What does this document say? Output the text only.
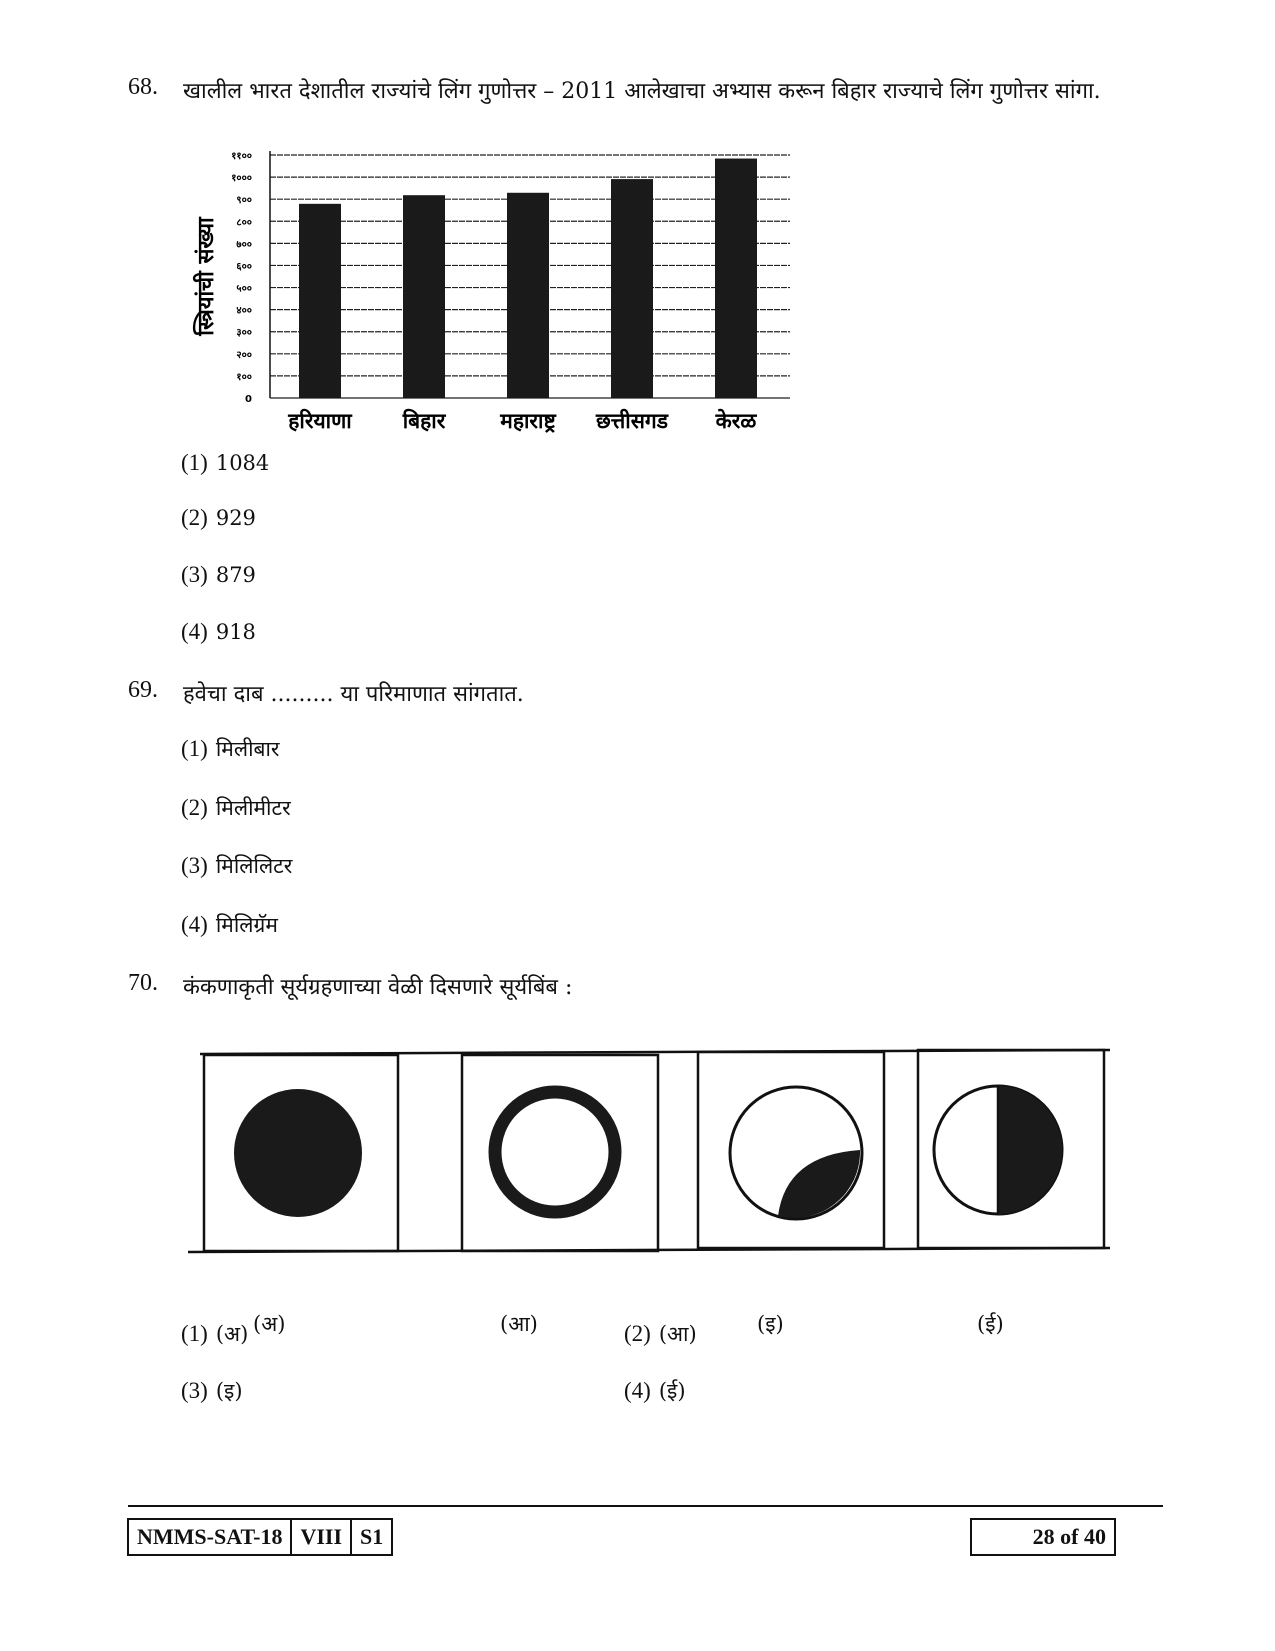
68. खालील भारत देशातील राज्यांचे लिंग गुणोत्तर – 2011 आलेखाचा अभ्यास करून बिहार राज्याचे लिंग गुणोत्तर सांगा.
0
१००
२००
३००
४००
५००
६००
७००
८००
९००
१०००
११००
स्त्रियांची संख्या
हरियाणा बिहार	महाराष्ट्र छत्तीसगड केरळ
(1) 1084
(2) 929
(3) 879
(4) 918
69. हवेचा दाब ......... या परिमाणात सांगतात.
(1) मिलीबार
(2) मिलीमीटर
(3) मिलिलिटर
(4) मिलिग्रॅम
70. कंकणाकृती सूर्यग्रहणाच्या वेळी दिसणारे सूर्यबिंब :
(अ)	(आ)	(इ)	(ई)
(1) (अ)	(2) (आ)
(3) (इ)	(4) (ई)
NMMS-SAT-18 VIII S1	28 of 40
